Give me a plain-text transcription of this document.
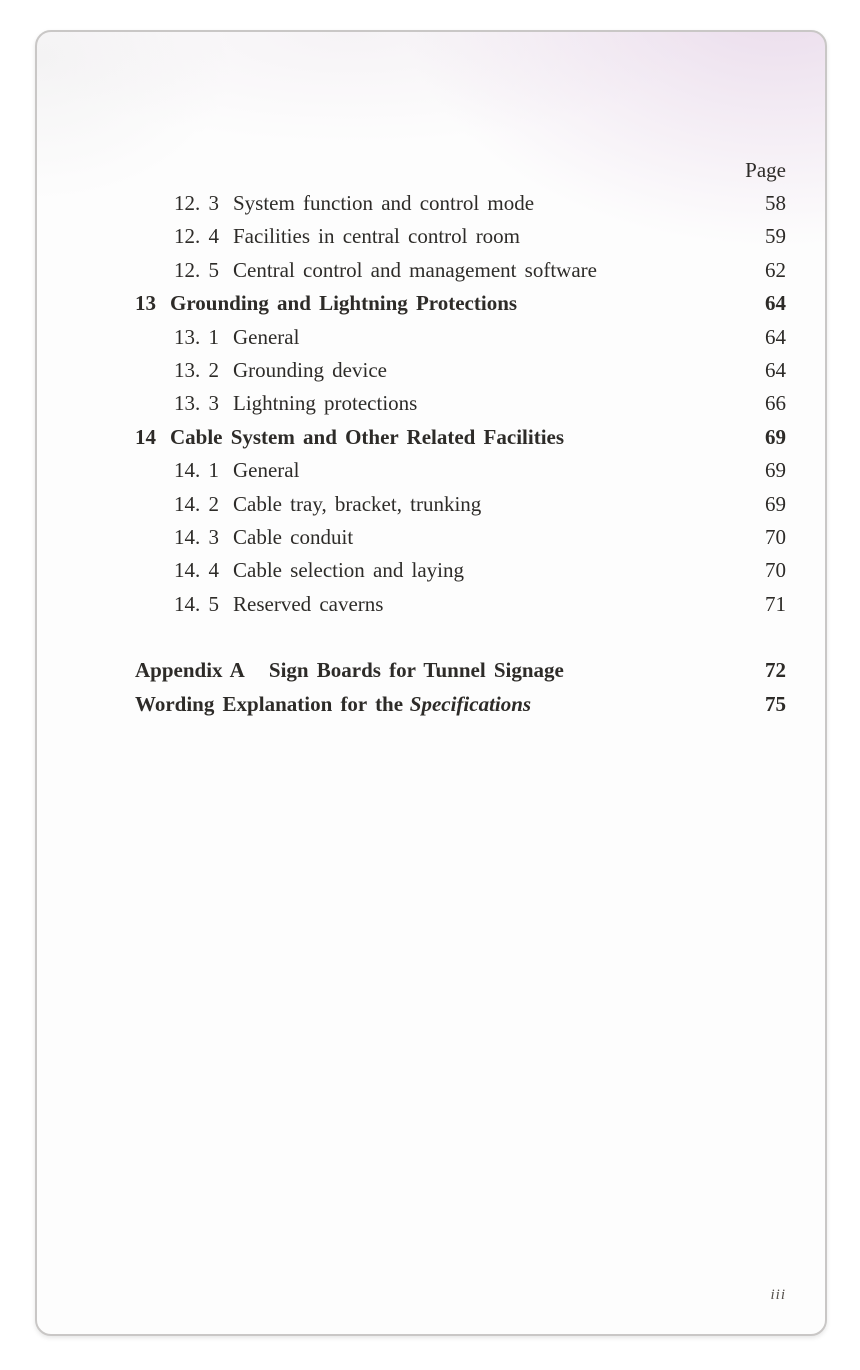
Page
12. 3 System function and control mode	58
12. 4 Facilities in central control room	59
12. 5 Central control and management software	62
13 Grounding and Lightning Protections	64
13. 1 General	64
13. 2 Grounding device	64
13. 3 Lightning protections	66
14 Cable System and Other Related Facilities	69
14. 1 General	69
14. 2 Cable tray, bracket, trunking	69
14. 3 Cable conduit	70
14. 4 Cable selection and laying	70
14. 5 Reserved caverns	71
Appendix A Sign Boards for Tunnel Signage	72
Wording Explanation for the Specifications	75
iii
